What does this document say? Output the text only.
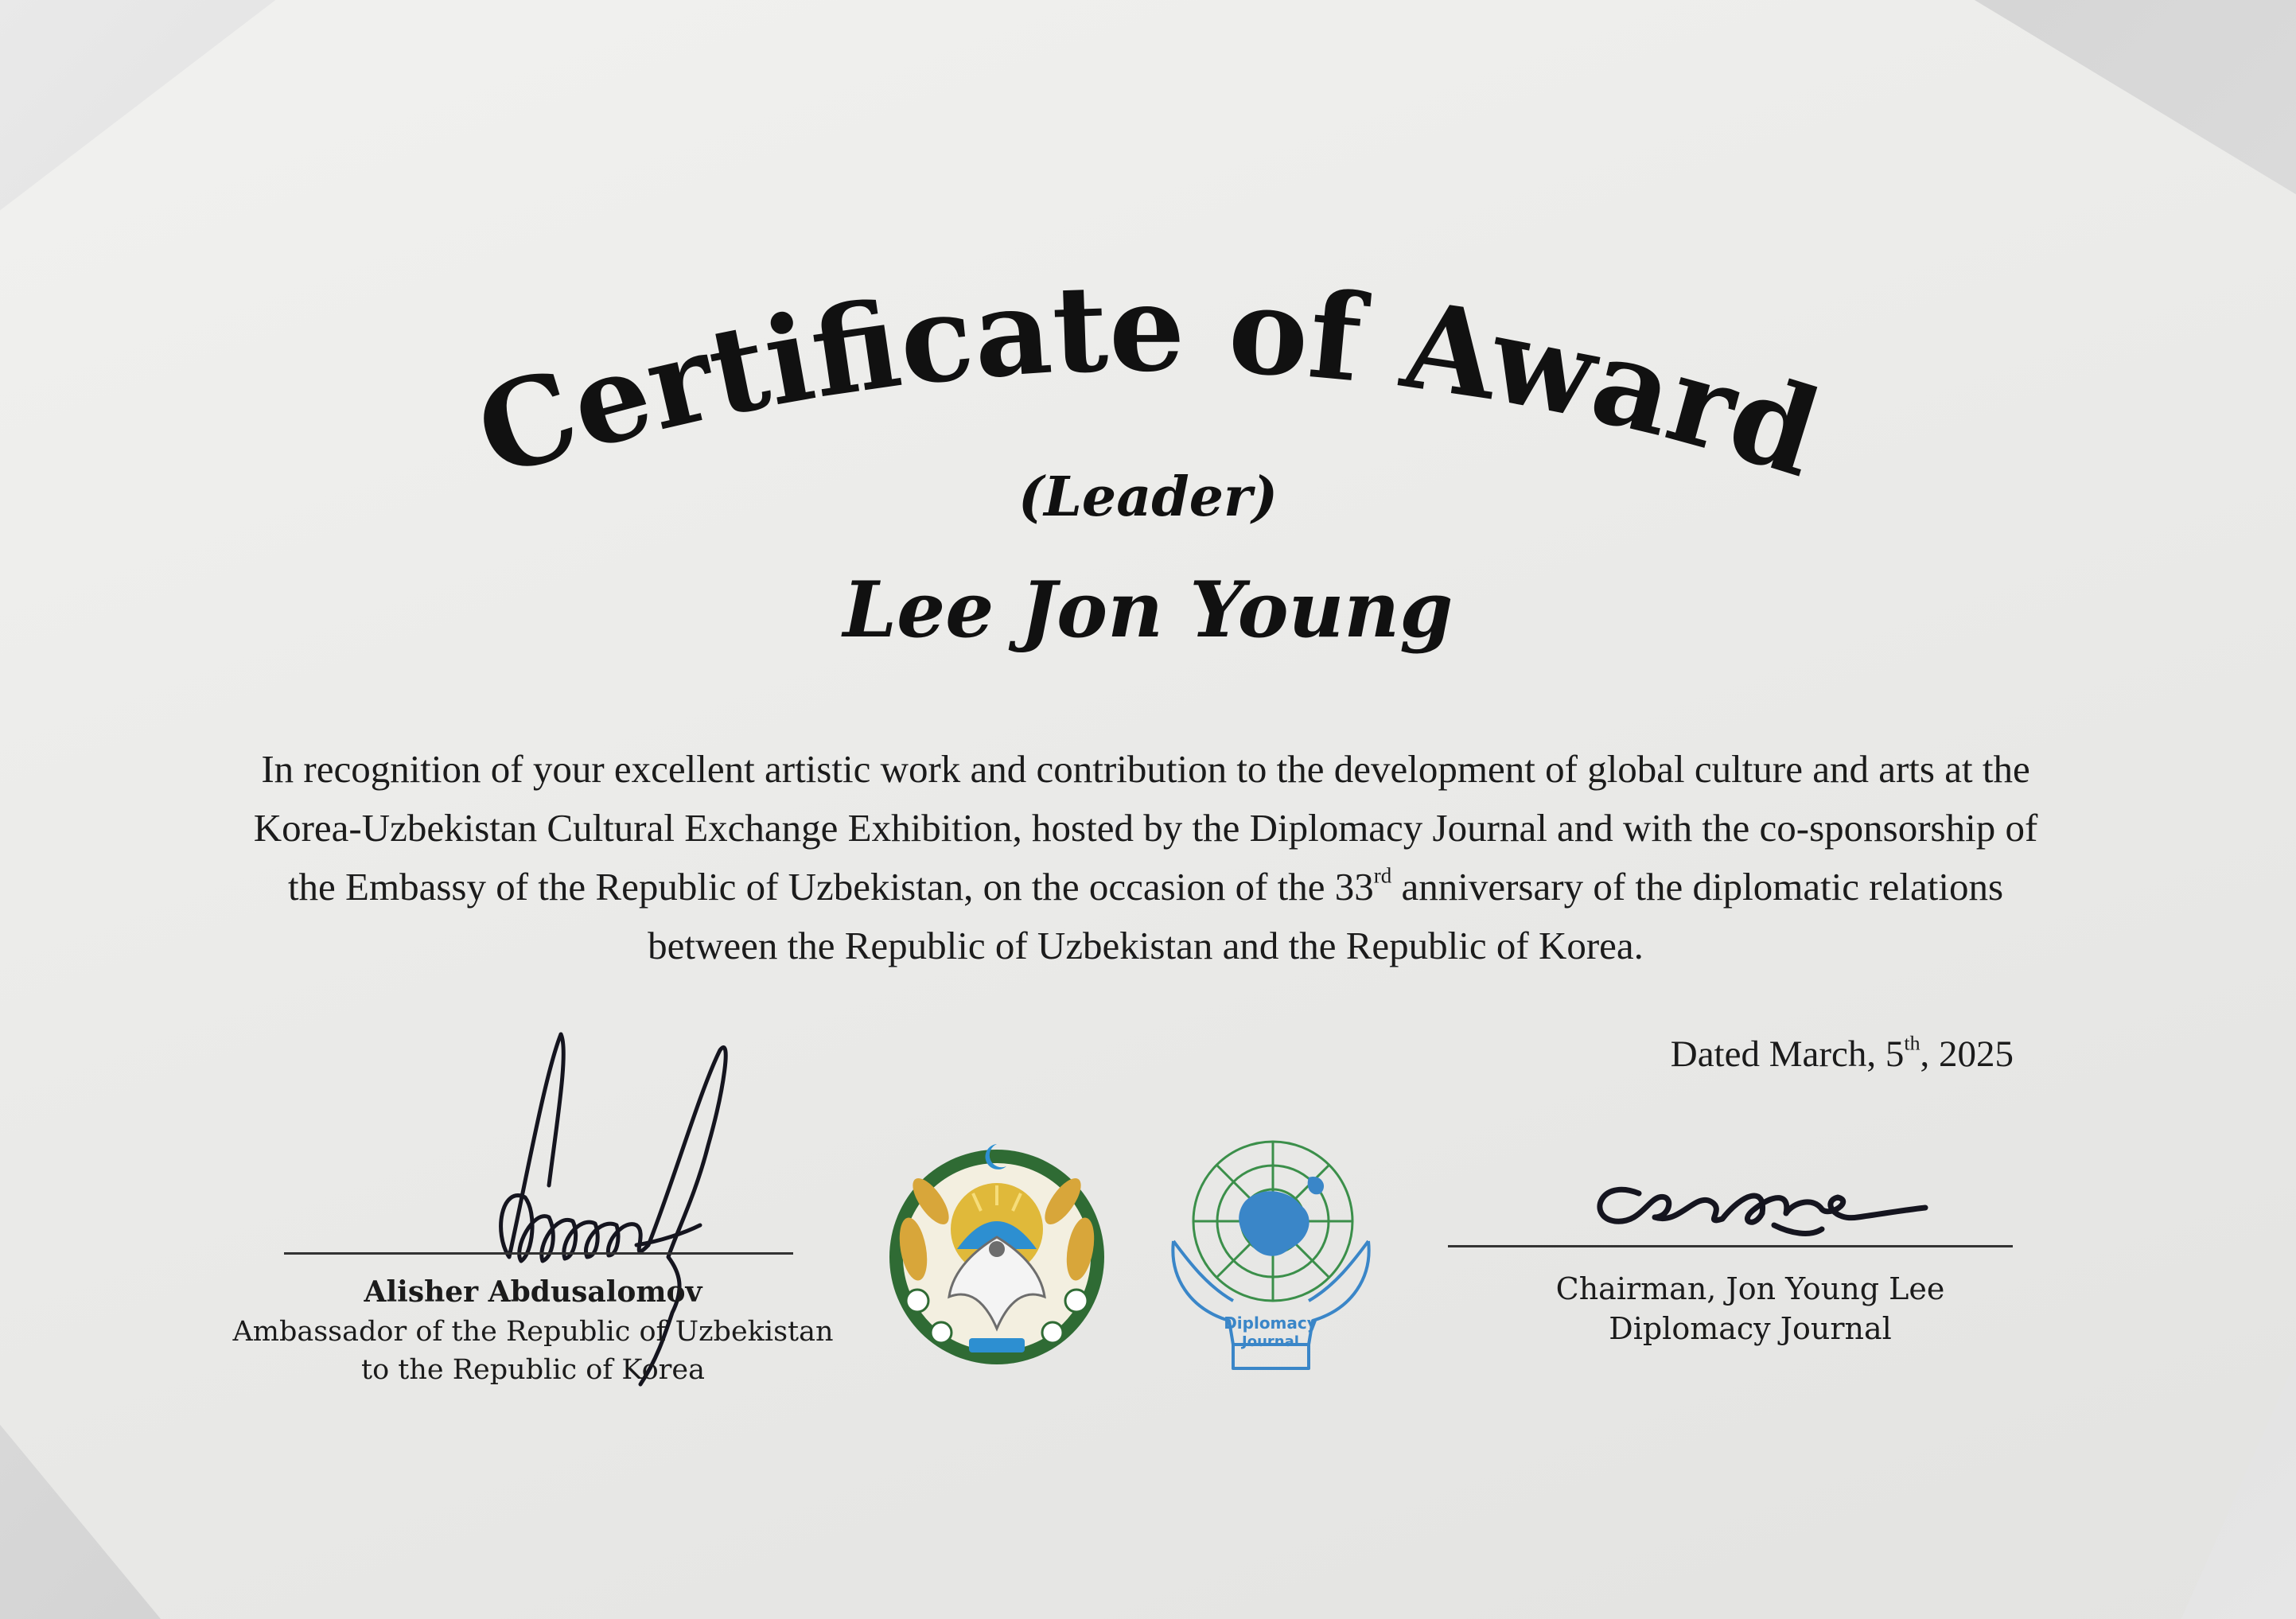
Certificate of Award
(Leader)
Lee Jon Young
In recognition of your excellent artistic work and contribution to the development of global culture and arts at the Korea-Uzbekistan Cultural Exchange Exhibition, hosted by the Diplomacy Journal and with the co-sponsorship of the Embassy of the Republic of Uzbekistan, on the occasion of the 33rd anniversary of the diplomatic relations between the Republic of Uzbekistan and the Republic of Korea.
Dated March, 5th, 2025
Alisher Abdusalomov
Ambassador of the Republic of Uzbekistan
to the Republic of Korea
Diplomacy
Journal
Chairman, Jon Young Lee
Diplomacy Journal
